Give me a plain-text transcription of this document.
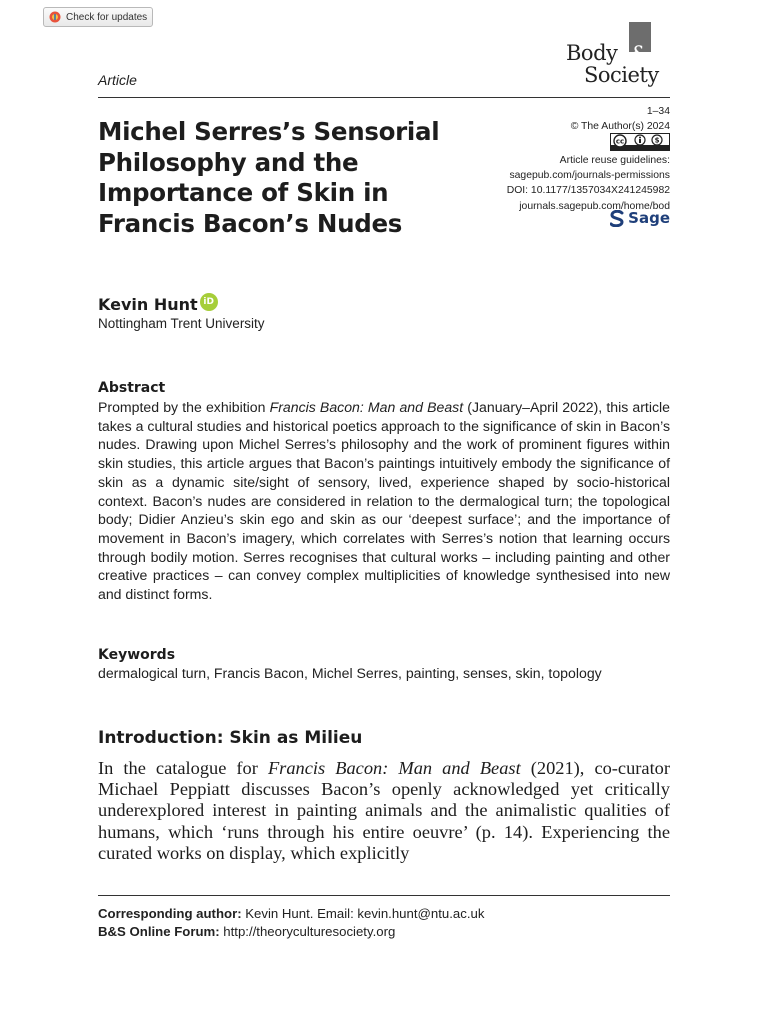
Check for updates
Body &
Society
Article
Michel Serres’s Sensorial Philosophy and the Importance of Skin in Francis Bacon’s Nudes
1–34
© The Author(s) 2024
cc	$
Article reuse guidelines:
sagepub.com/journals-permissions
DOI: 10.1177/1357034X241245982
journals.sagepub.com/home/bod
Sage
Kevin Hunt iD
Nottingham Trent University
Abstract

Prompted by the exhibition Francis Bacon: Man and Beast (January–April 2022), this article takes a cultural studies and historical poetics approach to the significance of skin in Bacon’s nudes. Drawing upon Michel Serres’s philosophy and the work of prominent figures within skin studies, this article argues that Bacon’s paintings intuitively embody the significance of skin as a dynamic site/sight of sensory, lived, experience shaped by socio-historical context. Bacon’s nudes are considered in relation to the dermalogical turn; the topological body; Didier Anzieu’s skin ego and skin as our ‘deepest surface’; and the importance of movement in Bacon’s imagery, which correlates with Serres’s notion that learning occurs through bodily motion. Serres recognises that cultural works – including painting and other creative practices – can convey complex multiplicities of knowledge synthesised into new and distinct forms.

Keywords
dermalogical turn, Francis Bacon, Michel Serres, painting, senses, skin, topology
Introduction: Skin as Milieu

In the catalogue for Francis Bacon: Man and Beast (2021), co-curator Michael Peppiatt discusses Bacon’s openly acknowledged yet critically underexplored interest in painting animals and the animalistic qualities of humans, which ‘runs through his entire oeuvre’ (p. 14). Experiencing the curated works on display, which explicitly

Corresponding author: Kevin Hunt. Email: kevin.hunt@ntu.ac.uk
B&S Online Forum: http://theoryculturesociety.org
